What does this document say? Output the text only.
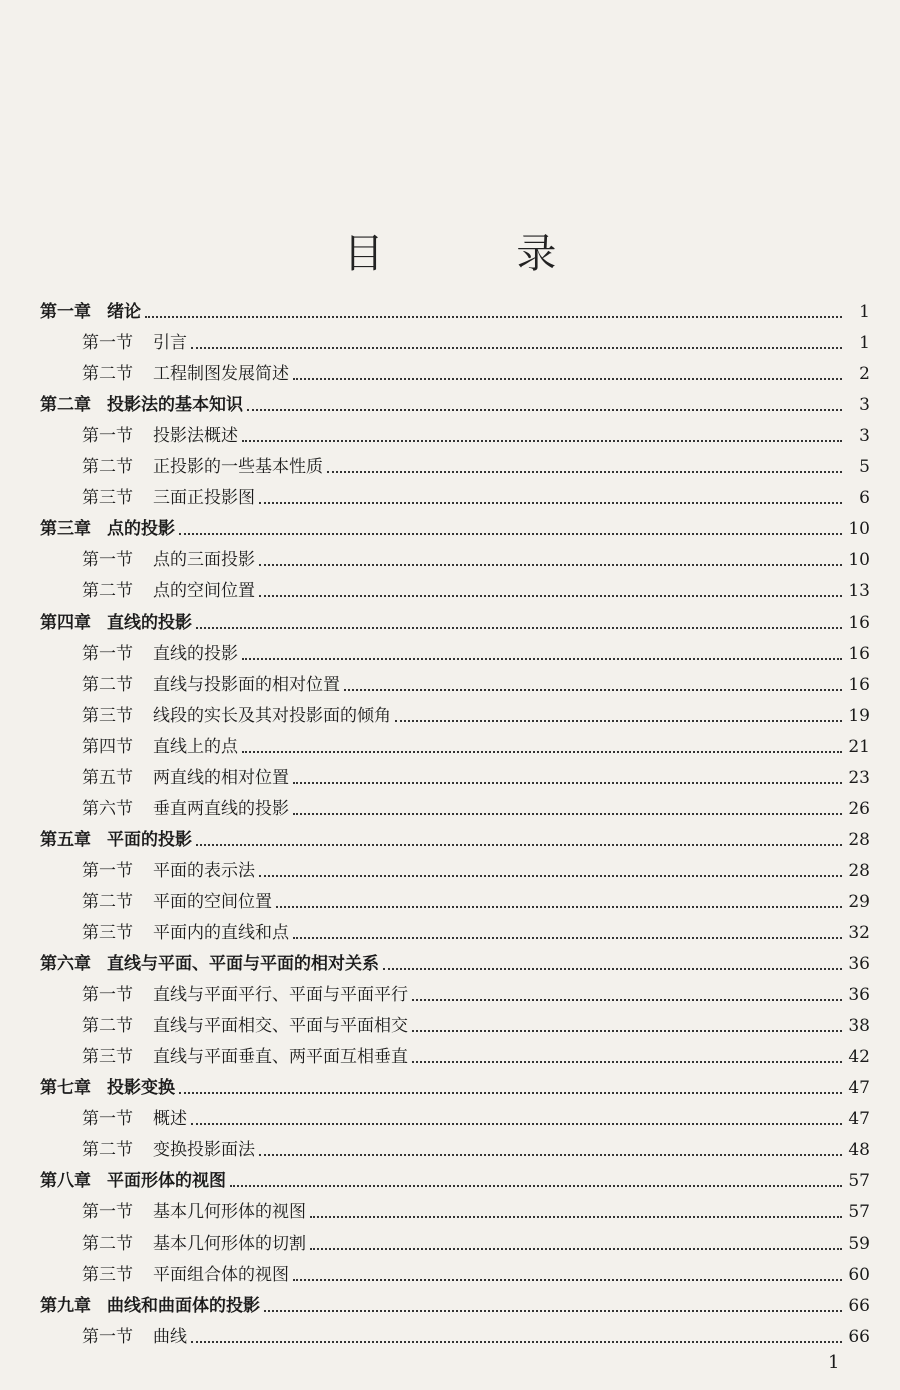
目 录
第一章 绪论	1
第一节 引言	1
第二节 工程制图发展简述	2
第二章 投影法的基本知识	3
第一节 投影法概述	3
第二节 正投影的一些基本性质	5
第三节 三面正投影图	6
第三章 点的投影	10
第一节 点的三面投影	10
第二节 点的空间位置	13
第四章 直线的投影	16
第一节 直线的投影	16
第二节 直线与投影面的相对位置	16
第三节 线段的实长及其对投影面的倾角	19
第四节 直线上的点	21
第五节 两直线的相对位置	23
第六节 垂直两直线的投影	26
第五章 平面的投影	28
第一节 平面的表示法	28
第二节 平面的空间位置	29
第三节 平面内的直线和点	32
第六章 直线与平面、平面与平面的相对关系	36
第一节 直线与平面平行、平面与平面平行	36
第二节 直线与平面相交、平面与平面相交	38
第三节 直线与平面垂直、两平面互相垂直	42
第七章 投影变换	47
第一节 概述	47
第二节 变换投影面法	48
第八章 平面形体的视图	57
第一节 基本几何形体的视图	57
第二节 基本几何形体的切割	59
第三节 平面组合体的视图	60
第九章 曲线和曲面体的投影	66
第一节 曲线	66
1
